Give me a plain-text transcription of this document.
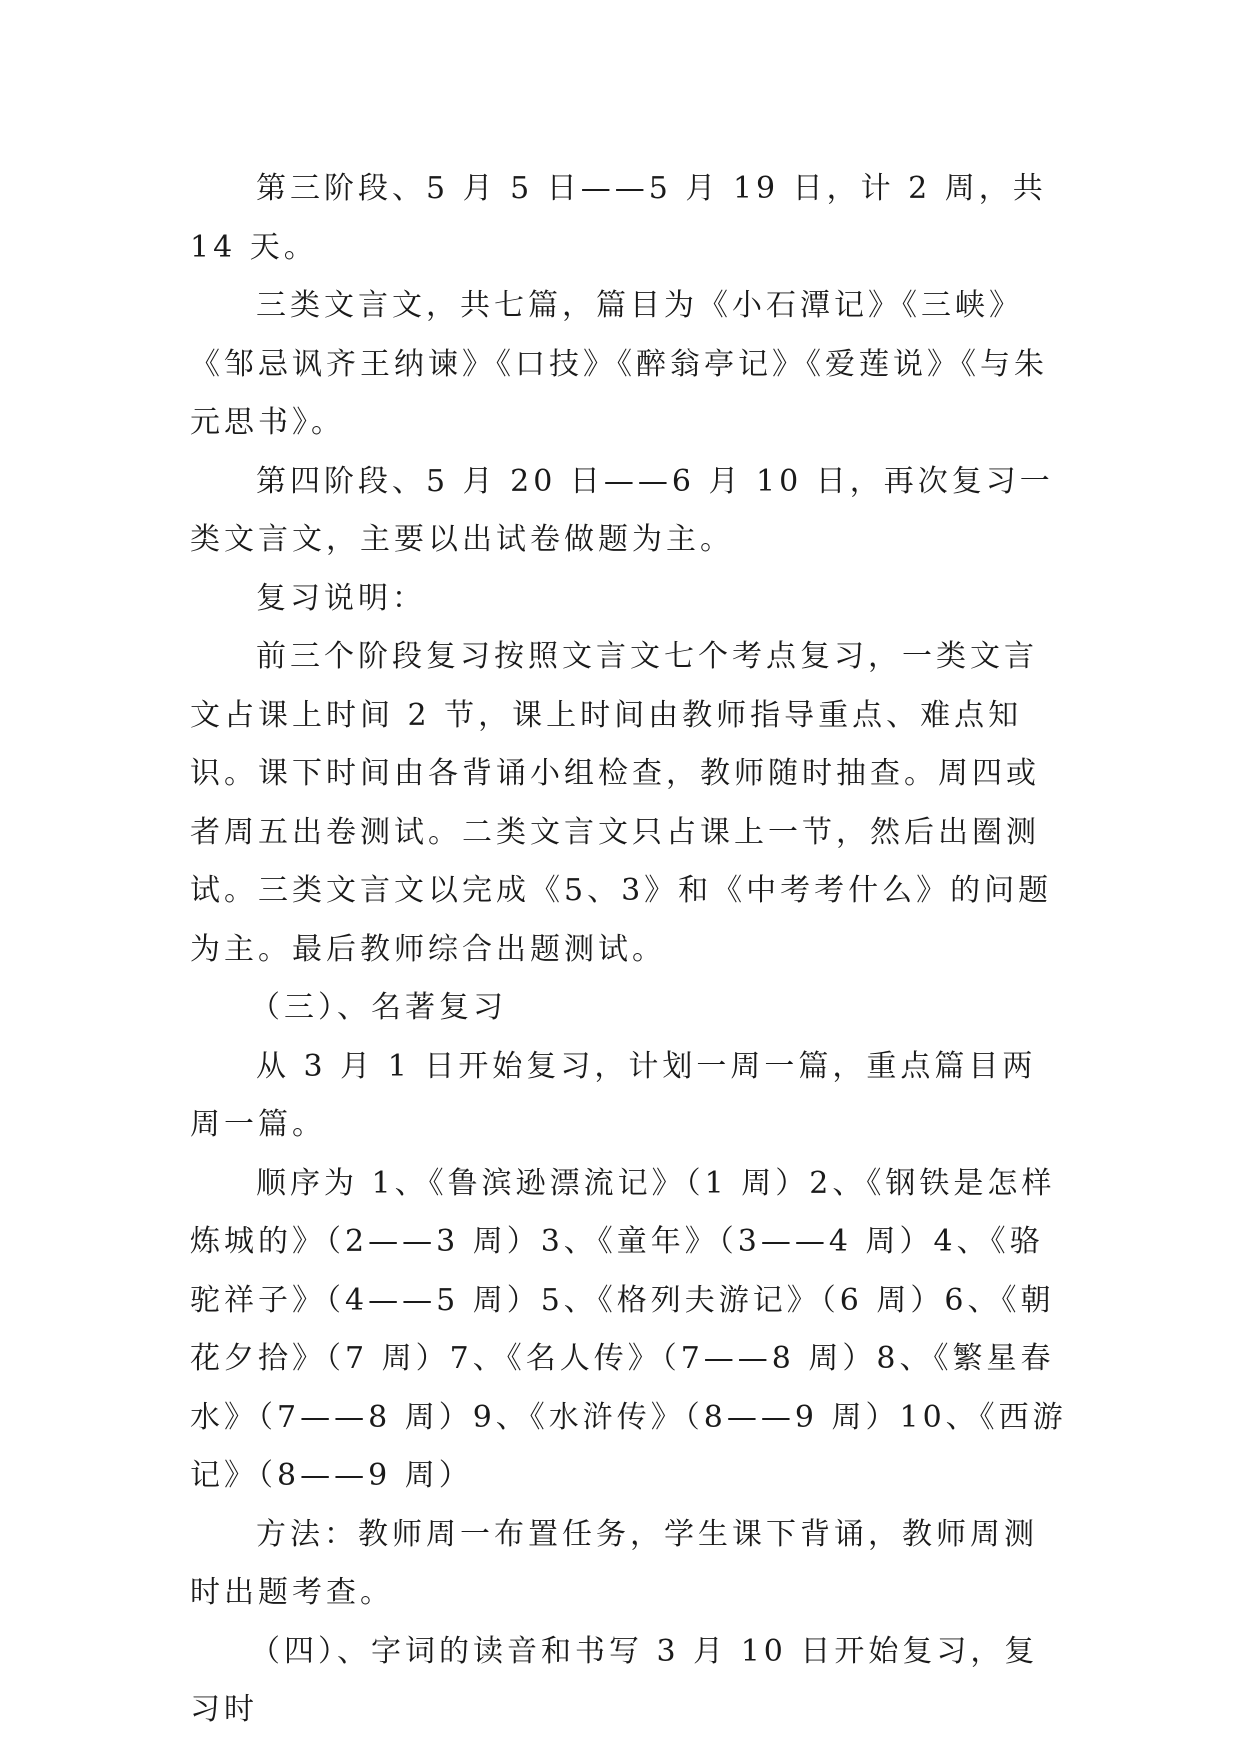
第三阶段、5 月 5 日——5 月 19 日，计 2 周，共 14 天。

三类文言文，共七篇，篇目为《小石潭记》《三峡》《邹忌讽齐王纳谏》《口技》《醉翁亭记》《爱莲说》《与朱元思书》。

第四阶段、5 月 20 日——6 月 10 日，再次复习一类文言文，主要以出试卷做题为主。

复习说明：

前三个阶段复习按照文言文七个考点复习，一类文言文占课上时间 2 节，课上时间由教师指导重点、难点知识。课下时间由各背诵小组检查，教师随时抽查。周四或者周五出卷测试。二类文言文只占课上一节，然后出圈测试。三类文言文以完成《5、3》和《中考考什么》的问题为主。最后教师综合出题测试。

（三）、名著复习

从 3 月 1 日开始复习，计划一周一篇，重点篇目两周一篇。

顺序为 1、《鲁滨逊漂流记》（1 周）2、《钢铁是怎样炼城的》（2——3 周）3、《童年》（3——4 周）4、《骆驼祥子》（4——5 周）5、《格列夫游记》（6 周）6、《朝花夕拾》（7 周）7、《名人传》（7——8 周）8、《繁星春水》（7——8 周）9、《水浒传》（8——9 周）10、《西游记》（8——9 周）

方法：教师周一布置任务，学生课下背诵，教师周测时出题考查。

（四）、字词的读音和书写 3 月 10 日开始复习，复习时
